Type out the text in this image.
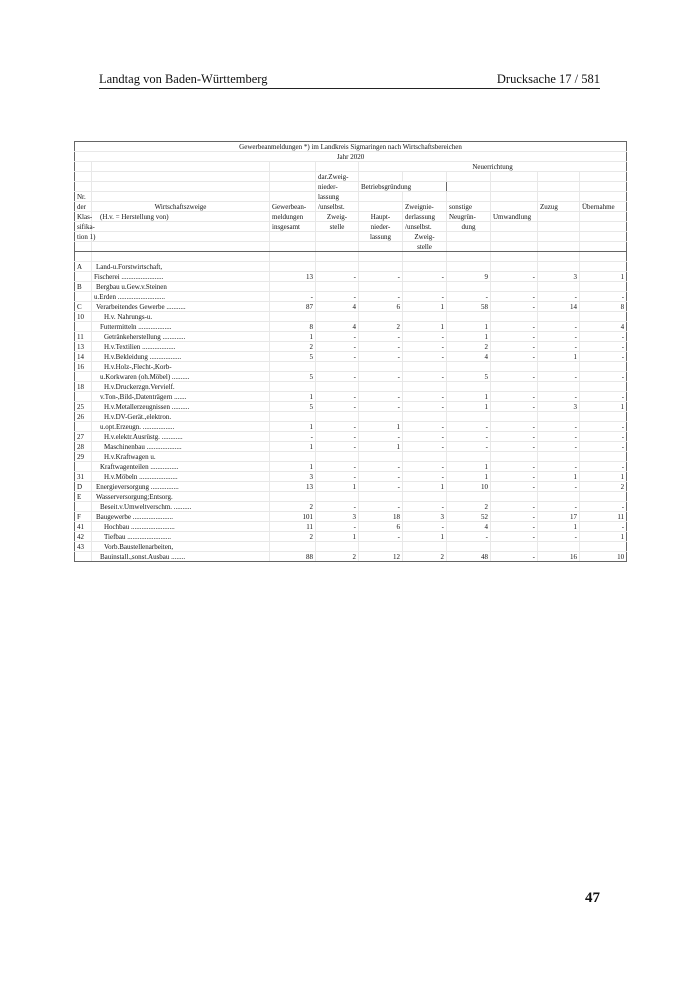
Landtag von Baden-Württemberg	Drucksache 17 / 581
Gewerbeanmeldungen *) im Landkreis Sigmaringen nach Wirtschaftsbereichen									
Jahr 2020									
				Neuerrichtung					
			dar.Zweig-						
			nieder-	Betriebsgründung					
Nr.			lassung						
der	Wirtschaftszweige	Gewerbean-	/unselbst.		Zweignie-	sonstige		Zuzug	Übernahme
Klas-	(H.v. = Herstellung von)	meldungen	Zweig-	Haupt-	derlassung	Neugrün-	Umwandlung		
sifika-		insgesamt	stelle	nieder-	/unselbst.	dung			
tion 1)				lassung	Zweig-				
					stelle				

A	Land-u.Forstwirtschaft,								
	Fischerei ........................	13	-	-	-	9	-	3	1
B	Bergbau u.Gew.v.Steinen								
	u.Erden ...........................	-	-	-	-	-	-	-	-
C	Verarbeitendes Gewerbe ...........	87	4	6	1	58	-	14	8
10	H.v. Nahrungs-u.								
	Futtermitteln ...................	8	4	2	1	1	-	-	4
11	Getränkeherstellung .............	1	-	-	-	1	-	-	-
13	H.v.Textilien ...................	2	-	-	-	2	-	-	-
14	H.v.Bekleidung ..................	5	-	-	-	4	-	1	-
16	H.v.Holz-,Flecht-,Korb-								
	u.Korkwaren (oh.Möbel) ..........	5	-	-	-	5	-	-	-
18	H.v.Druckerzgn.Vervielf.								
	v.Ton-,Bild-,Datenträgern .......	1	-	-	-	1	-	-	-
25	H.v.Metallerzeugnissen ..........	5	-	-	-	1	-	3	1
26	H.v.DV-Gerät.,elektron.								
	u.opt.Erzeugn. ..................	1	-	1	-	-	-	-	-
27	H.v.elektr.Ausrüstg. ............	-	-	-	-	-	-	-	-
28	Maschinenbau ....................	1	-	1	-	-	-	-	-
29	H.v.Kraftwagen u.								
	Kraftwagenteilen ................	1	-	-	-	1	-	-	-
31	H.v.Möbeln ......................	3	-	-	-	1	-	1	1
D	Energieversorgung ................	13	1	-	1	10	-	-	2
E	Wasserversorgung;Entsorg.								
	Beseit.v.Umweltverschm. ..........	2	-	-	-	2	-	-	-
F	Baugewerbe .......................	101	3	18	3	52	-	17	11
41	Hochbau .........................	11	-	6	-	4	-	1	-
42	Tiefbau .........................	2	1	-	1	-	-	-	1
43	Vorb.Baustellenarbeiten,								
	Bauinstall.,sonst.Ausbau ........	88	2	12	2	48	-	16	10
47
